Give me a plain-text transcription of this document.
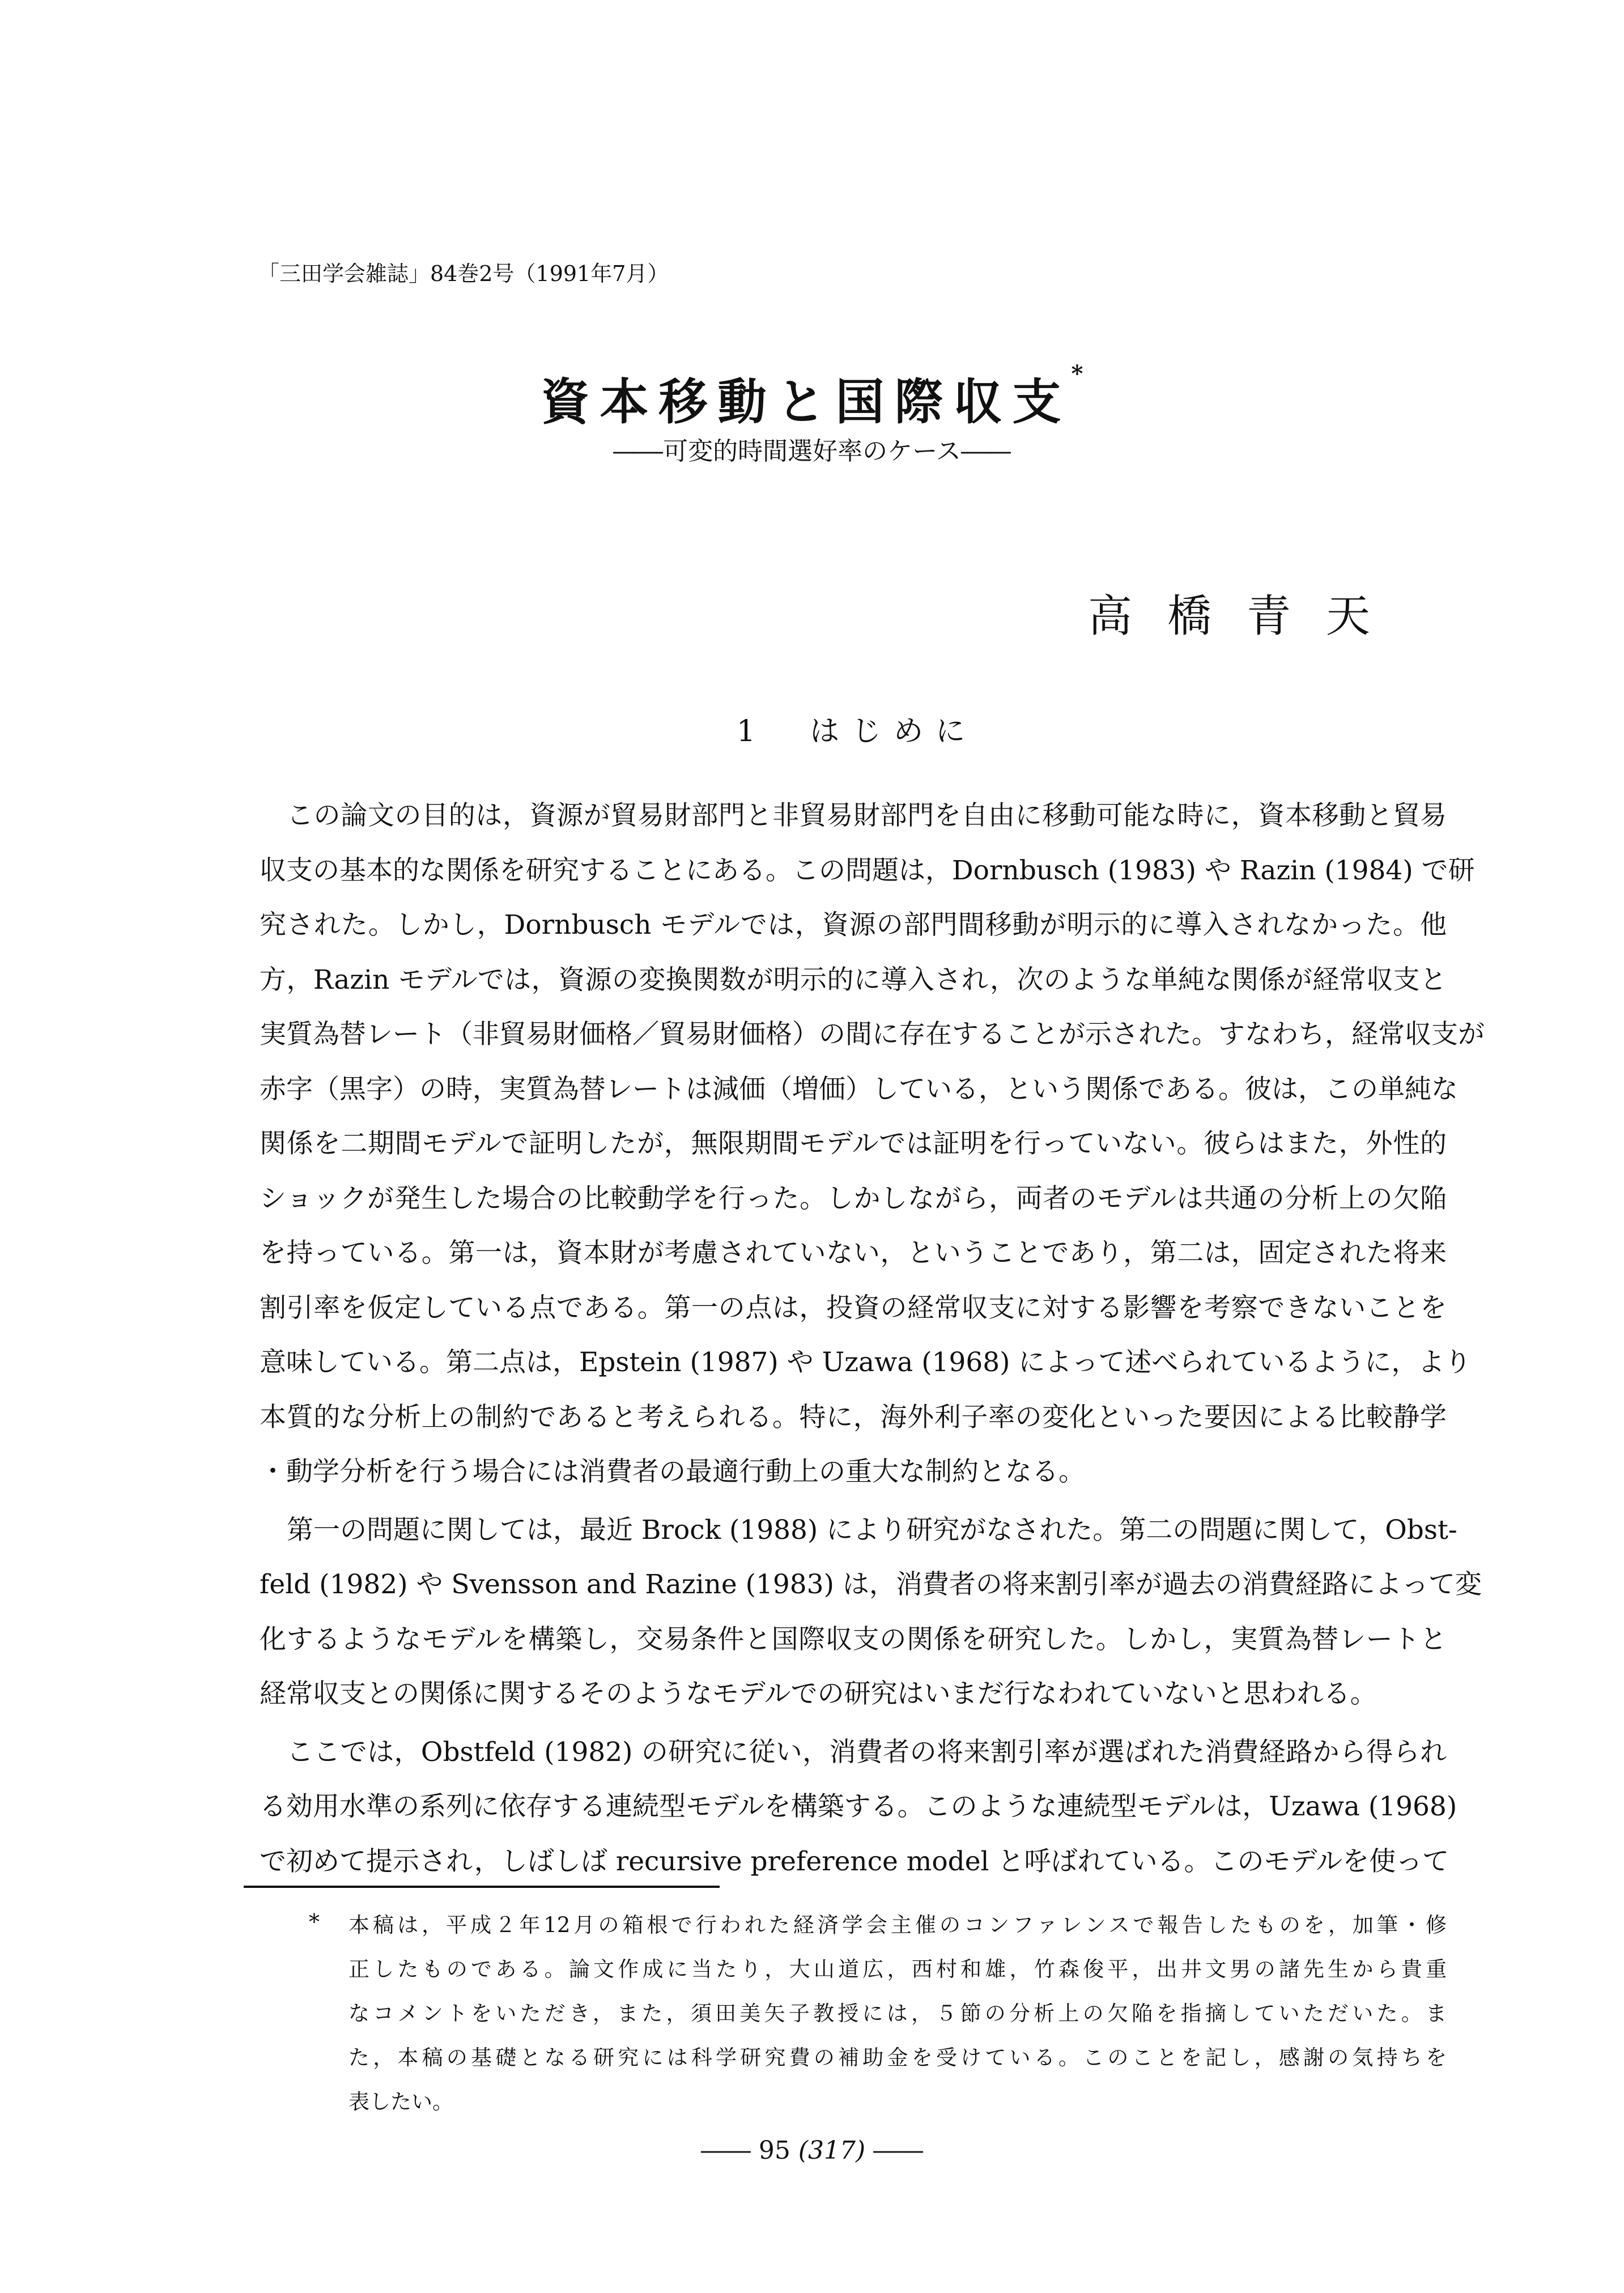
「三田学会雑誌」84巻2号（1991年7月）
資本移動と国際収支*
――可変的時間選好率のケース――
高橋青天
1　はじめに
この論文の目的は，資源が貿易財部門と非貿易財部門を自由に移動可能な時に，資本移動と貿易
収支の基本的な関係を研究することにある。この問題は，Dornbusch (1983) や Razin (1984) で研
究された。しかし，Dornbusch モデルでは，資源の部門間移動が明示的に導入されなかった。他
方，Razin モデルでは，資源の変換関数が明示的に導入され，次のような単純な関係が経常収支と
実質為替レート（非貿易財価格／貿易財価格）の間に存在することが示された。すなわち，経常収支が
赤字（黒字）の時，実質為替レートは減価（増価）している，という関係である。彼は，この単純な
関係を二期間モデルで証明したが，無限期間モデルでは証明を行っていない。彼らはまた，外性的
ショックが発生した場合の比較動学を行った。しかしながら，両者のモデルは共通の分析上の欠陥
を持っている。第一は，資本財が考慮されていない，ということであり，第二は，固定された将来
割引率を仮定している点である。第一の点は，投資の経常収支に対する影響を考察できないことを
意味している。第二点は，Epstein (1987) や Uzawa (1968) によって述べられているように，より
本質的な分析上の制約であると考えられる。特に，海外利子率の変化といった要因による比較静学
・動学分析を行う場合には消費者の最適行動上の重大な制約となる。
第一の問題に関しては，最近 Brock (1988) により研究がなされた。第二の問題に関して，Obst-
feld (1982) や Svensson and Razine (1983) は，消費者の将来割引率が過去の消費経路によって変
化するようなモデルを構築し，交易条件と国際収支の関係を研究した。しかし，実質為替レートと
経常収支との関係に関するそのようなモデルでの研究はいまだ行なわれていないと思われる。
ここでは，Obstfeld (1982) の研究に従い，消費者の将来割引率が選ばれた消費経路から得られ
る効用水準の系列に依存する連続型モデルを構築する。このような連続型モデルは，Uzawa (1968)
で初めて提示され，しばしば recursive preference model と呼ばれている。このモデルを使って
* 本稿は，平成２年12月の箱根で行われた経済学会主催のコンファレンスで報告したものを，加筆・修
正したものである。論文作成に当たり，大山道広，西村和雄，竹森俊平，出井文男の諸先生から貴重
なコメントをいただき，また，須田美矢子教授には，５節の分析上の欠陥を指摘していただいた。ま
た，本稿の基礎となる研究には科学研究費の補助金を受けている。このことを記し，感謝の気持ちを
表したい。
―― 95 (317) ――
